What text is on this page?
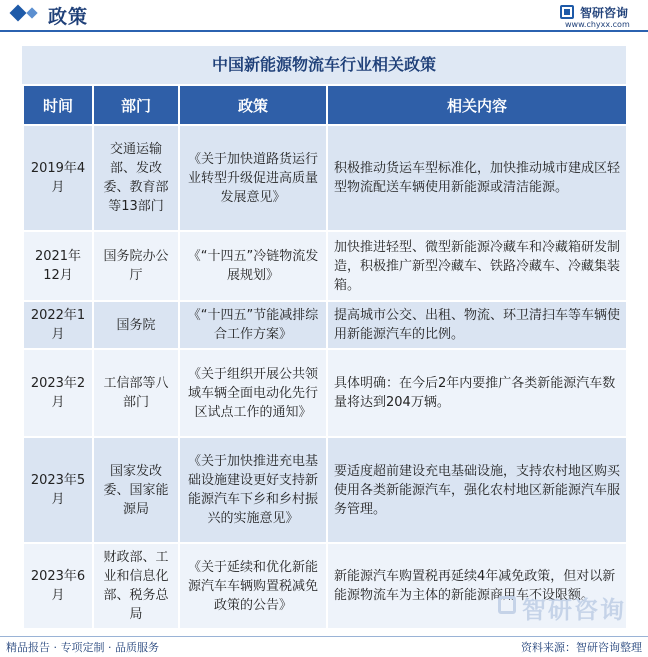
政策	智研咨询
www.chyxx.com
中国新能源物流车行业相关政策
时间	部门	政策	相关内容
2019年4月	交通运输部、发改委、教育部等13部门	《关于加快道路货运行业转型升级促进高质量发展意见》	积极推动货运车型标准化，加快推动城市建成区轻型物流配送车辆使用新能源或清洁能源。
2021年12月	国务院办公厅	《“十四五”冷链物流发展规划》	加快推进轻型、微型新能源冷藏车和冷藏箱研发制造，积极推广新型冷藏车、铁路冷藏车、冷藏集装箱。
2022年1月	国务院	《“十四五”节能减排综合工作方案》	提高城市公交、出租、物流、环卫清扫车等车辆使用新能源汽车的比例。
2023年2月	工信部等八部门	《关于组织开展公共领域车辆全面电动化先行区试点工作的通知》	具体明确：在今后2年内要推广各类新能源汽车数量将达到204万辆。
2023年5月	国家发改委、国家能源局	《关于加快推进充电基础设施建设更好支持新能源汽车下乡和乡村振兴的实施意见》	要适度超前建设充电基础设施，支持农村地区购买使用各类新能源汽车，强化农村地区新能源汽车服务管理。
2023年6月	财政部、工业和信息化部、税务总局	《关于延续和优化新能源汽车车辆购置税减免政策的公告》	新能源汽车购置税再延续4年减免政策，但对以新能源物流车为主体的新能源商用车不设限额。
智研咨询
精品报告 · 专项定制 · 品质服务	资料来源：智研咨询整理
